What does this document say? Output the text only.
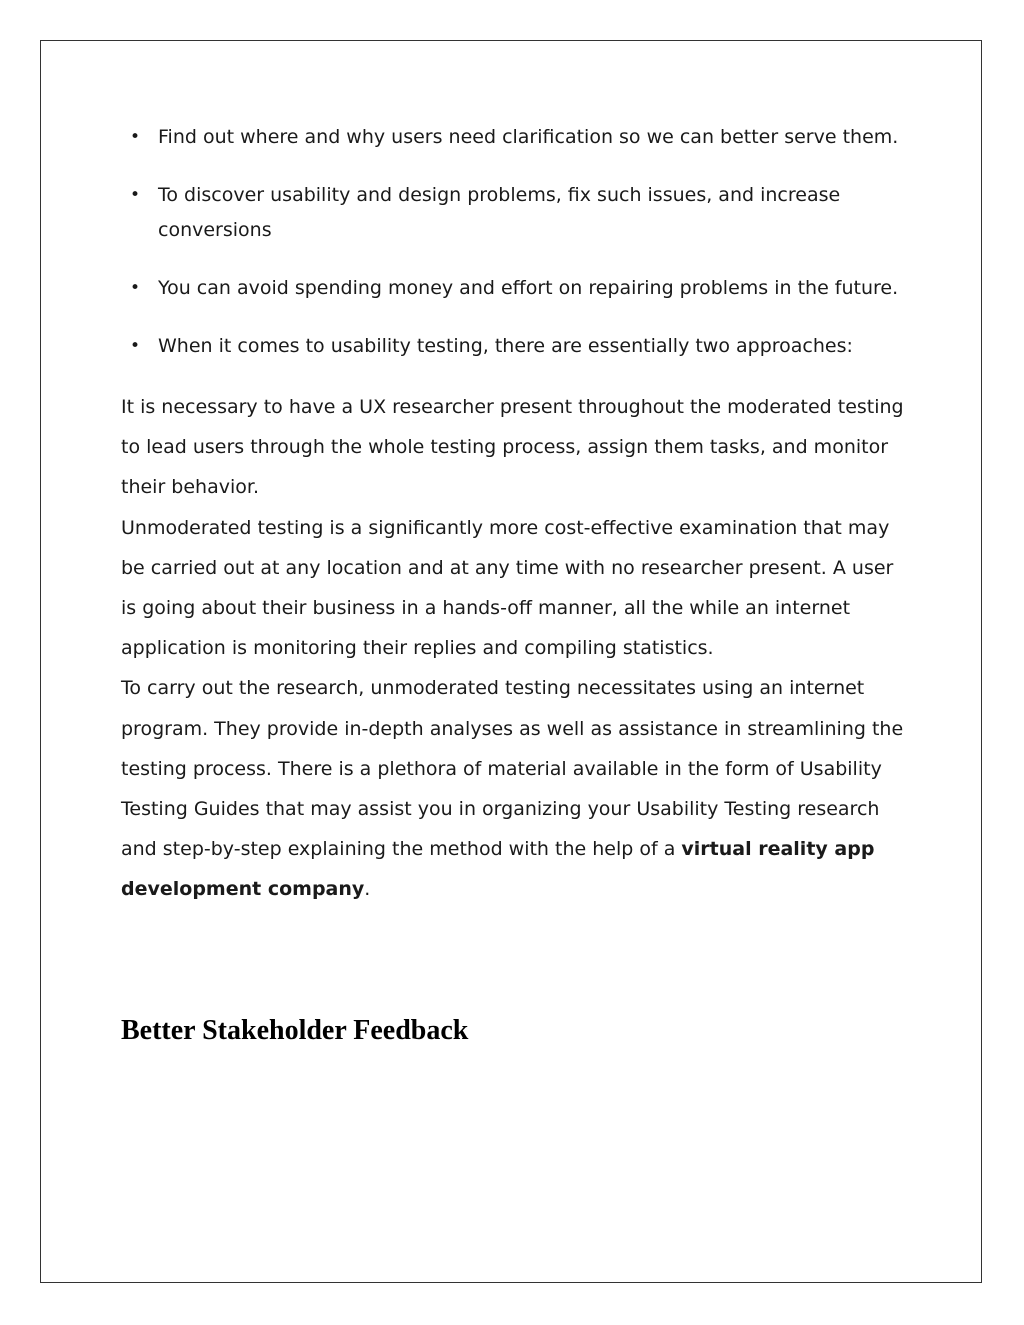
• Find out where and why users need clarification so we can better serve them.
• To discover usability and design problems, fix such issues, and increase conversions
• You can avoid spending money and effort on repairing problems in the future.
• When it comes to usability testing, there are essentially two approaches:

It is necessary to have a UX researcher present throughout the moderated testing to lead users through the whole testing process, assign them tasks, and monitor their behavior.

Unmoderated testing is a significantly more cost-effective examination that may be carried out at any location and at any time with no researcher present. A user is going about their business in a hands-off manner, all the while an internet application is monitoring their replies and compiling statistics.

To carry out the research, unmoderated testing necessitates using an internet program. They provide in-depth analyses as well as assistance in streamlining the testing process. There is a plethora of material available in the form of Usability Testing Guides that may assist you in organizing your Usability Testing research and step-by-step explaining the method with the help of a virtual reality app development company.

Better Stakeholder Feedback
